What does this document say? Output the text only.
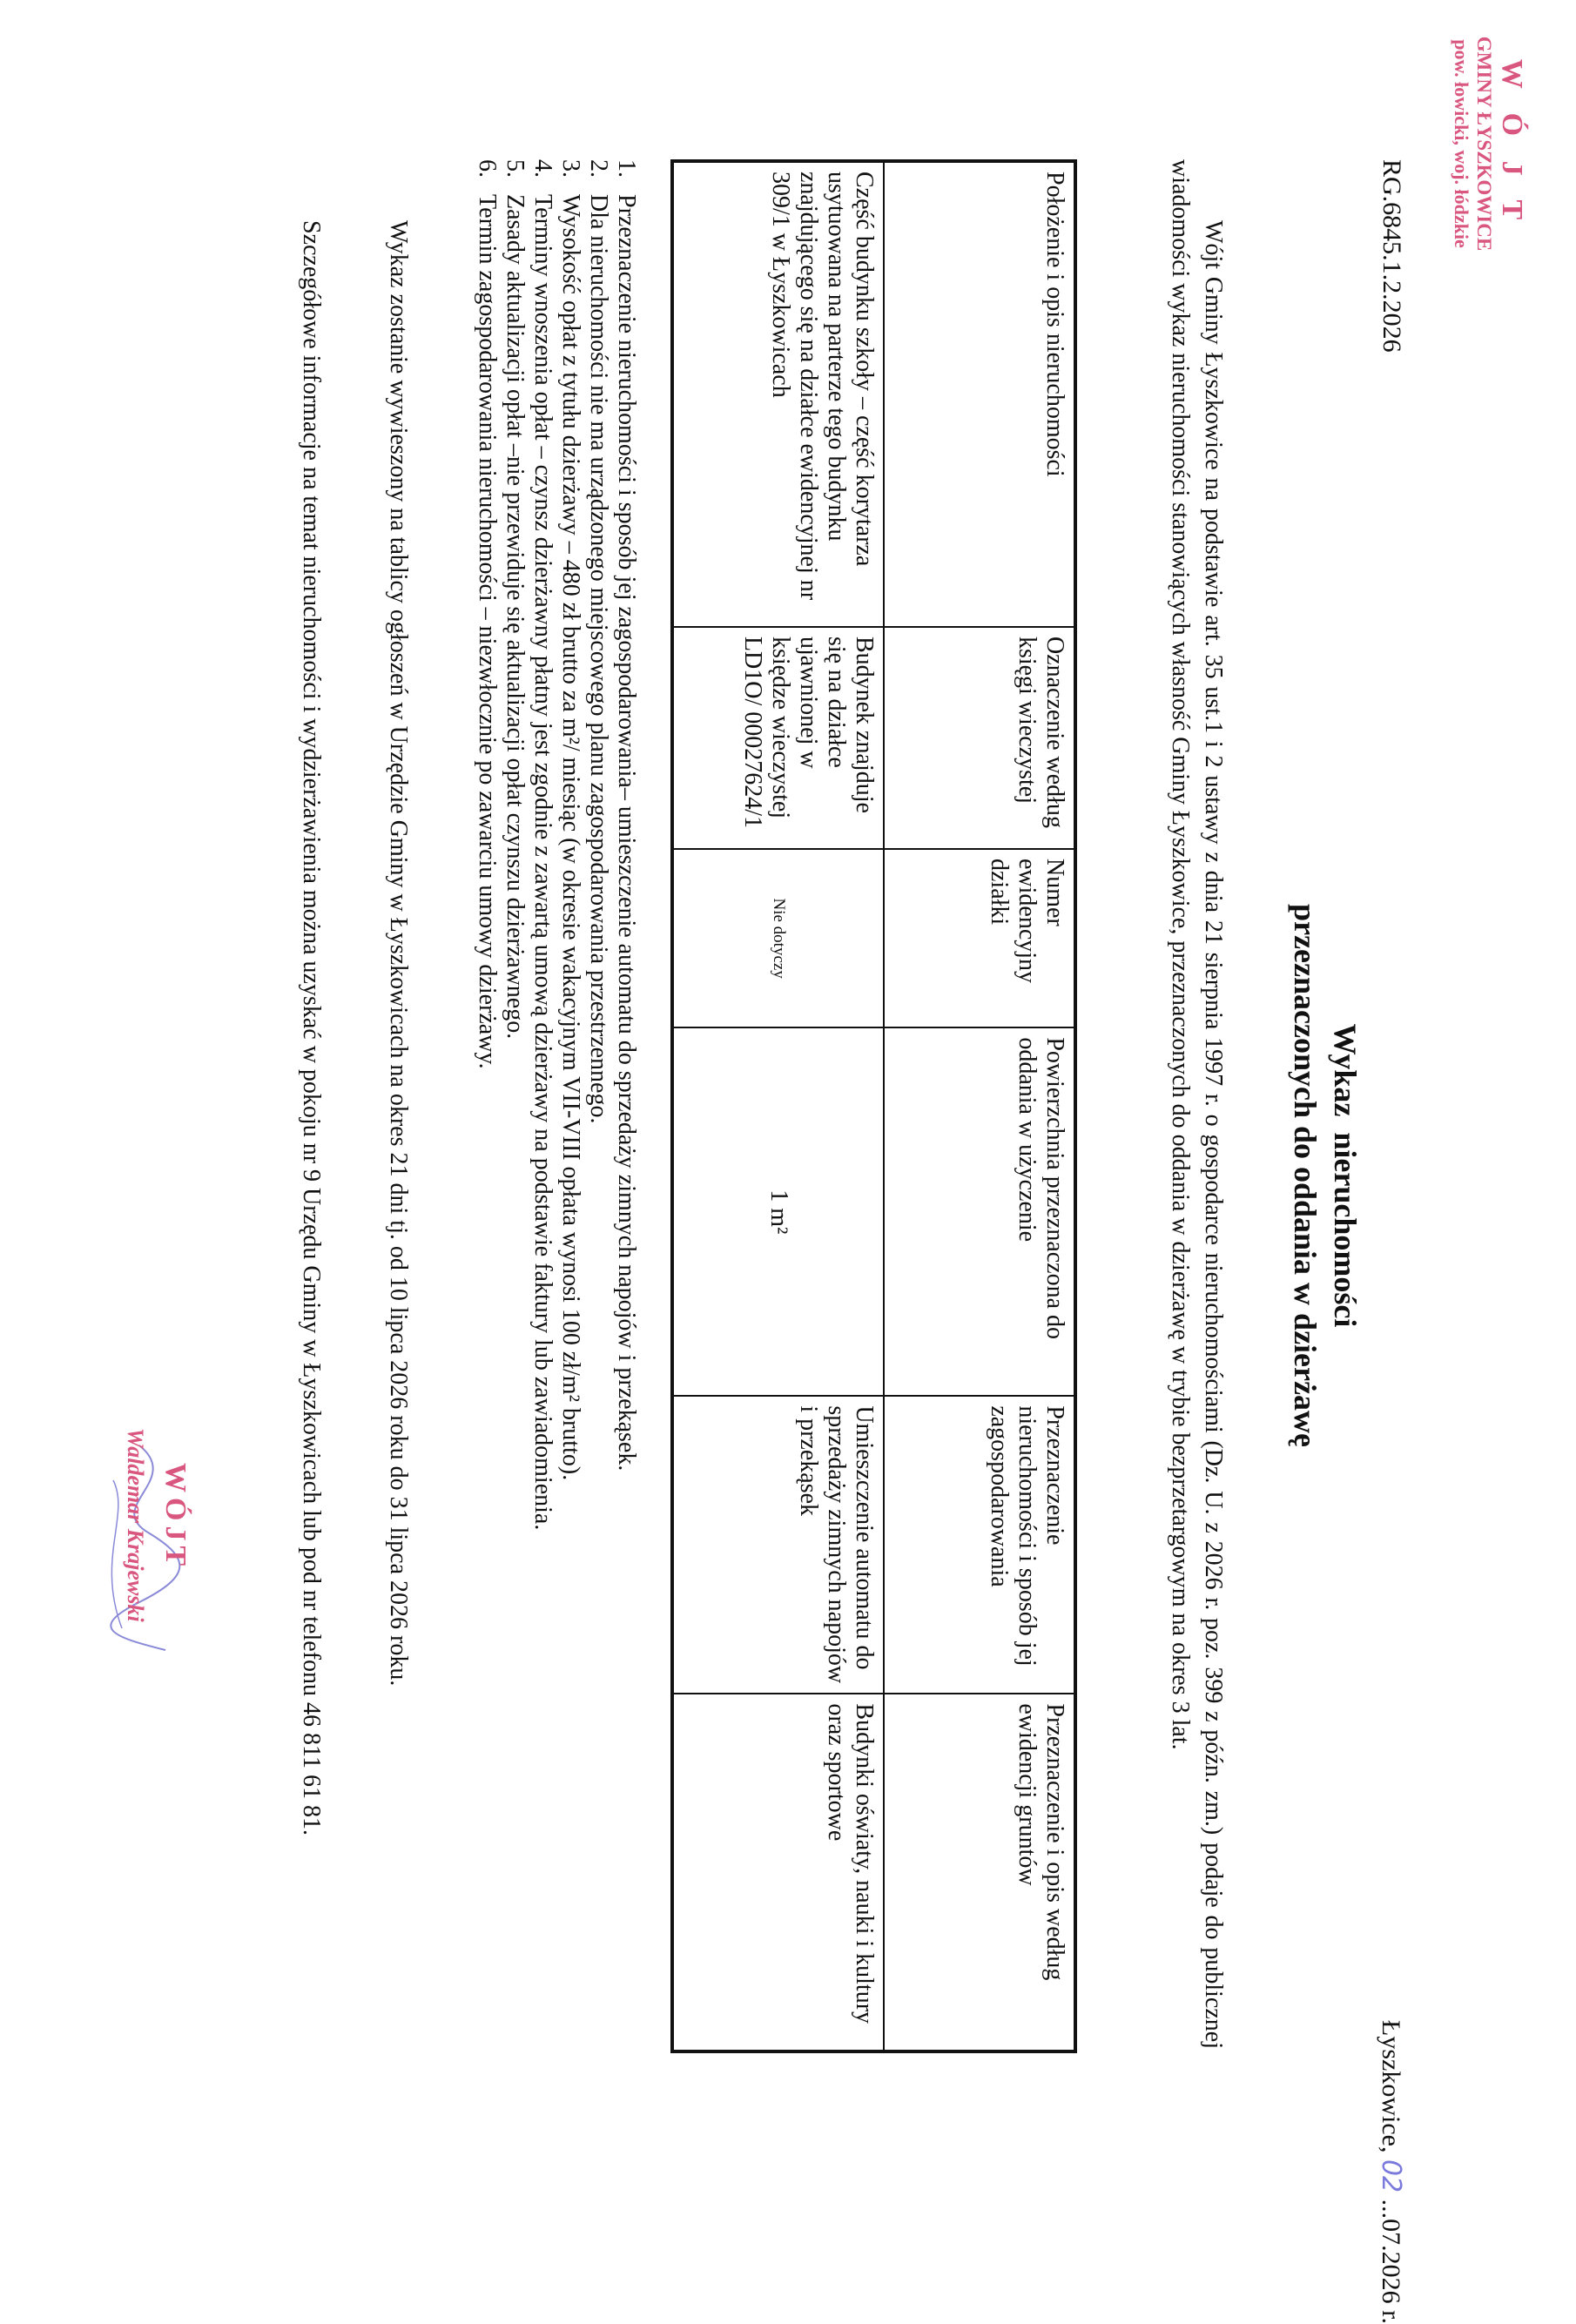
W Ó J T
GMINY ŁYSZKOWICE
pow. łowicki, woj. łódzkie
RG.6845.1.2.2026
Łyszkowice, 02 ...07.2026 r.
Wykaz  nieruchomości
przeznaczonych do oddania w dzierżawę
Wójt Gminy Łyszkowice na podstawie art. 35 ust.1 i 2 ustawy z dnia 21 sierpnia 1997 r. o gospodarce nieruchomościami (Dz. U. z 2026 r. poz. 399 z późn. zm.) podaje do publicznej wiadomości wykaz nieruchomości stanowiących własność Gminy Łyszkowice, przeznaczonych do oddania w dzierżawę w trybie bezprzetargowym na okres 3 lat.
Położenie i opis nieruchomości	Oznaczenie według księgi wieczystej	Numer ewidencyjny działki	Powierzchnia przeznaczona do oddania w użyczenie	Przeznaczenie nieruchomości i sposób jej zagospodarowania	Przeznaczenie i opis według ewidencji gruntów
Część budynku szkoły – część korytarza usytuowana na parterze tego budynku znajdującego się na działce ewidencyjnej nr 309/1 w Łyszkowicach	Budynek znajduje się na działce ujawnionej w księdze wieczystej LD1O/ 00027624/1	Nie dotyczy	1 m²	Umieszczenie automatu do sprzedaży zimnych napojów i przekąsek	Budynki oświaty, nauki i kultury oraz sportowe
1.
Przeznaczenie nieruchomości i sposób jej zagospodarowania– umieszczenie automatu do sprzedaży zimnych napojów i przekąsek.
2.
Dla nieruchomości nie ma urządzonego miejscowego planu zagospodarowania przestrzennego.
3.
Wysokość opłat z tytułu dzierżawy – 480 zł brutto za m²/ miesiąc (w okresie wakacyjnym VII-VIII opłata wynosi 100 zł/m² brutto).
4.
Terminy wnoszenia opłat – czynsz dzierżawny płatny jest zgodnie z zawartą umową dzierżawy na podstawie faktury lub zawiadomienia.
5.
Zasady aktualizacji opłat –nie przewiduje się aktualizacji opłat czynszu dzierżawnego.
6.
Termin zagospodarowania nieruchomości – niezwłocznie po zawarciu umowy dzierżawy.
Wykaz zostanie wywieszony na tablicy ogłoszeń w Urzędzie Gminy w Łyszkowicach na okres 21 dni tj. od 10 lipca 2026 roku do 31 lipca 2026 roku.
Szczegółowe informacje na temat nieruchomości i wydzierżawienia można uzyskać w pokoju nr 9 Urzędu Gminy w Łyszkowicach lub pod nr telefonu 46 811 61 81.
WÓJT
Waldemar Krajewski
